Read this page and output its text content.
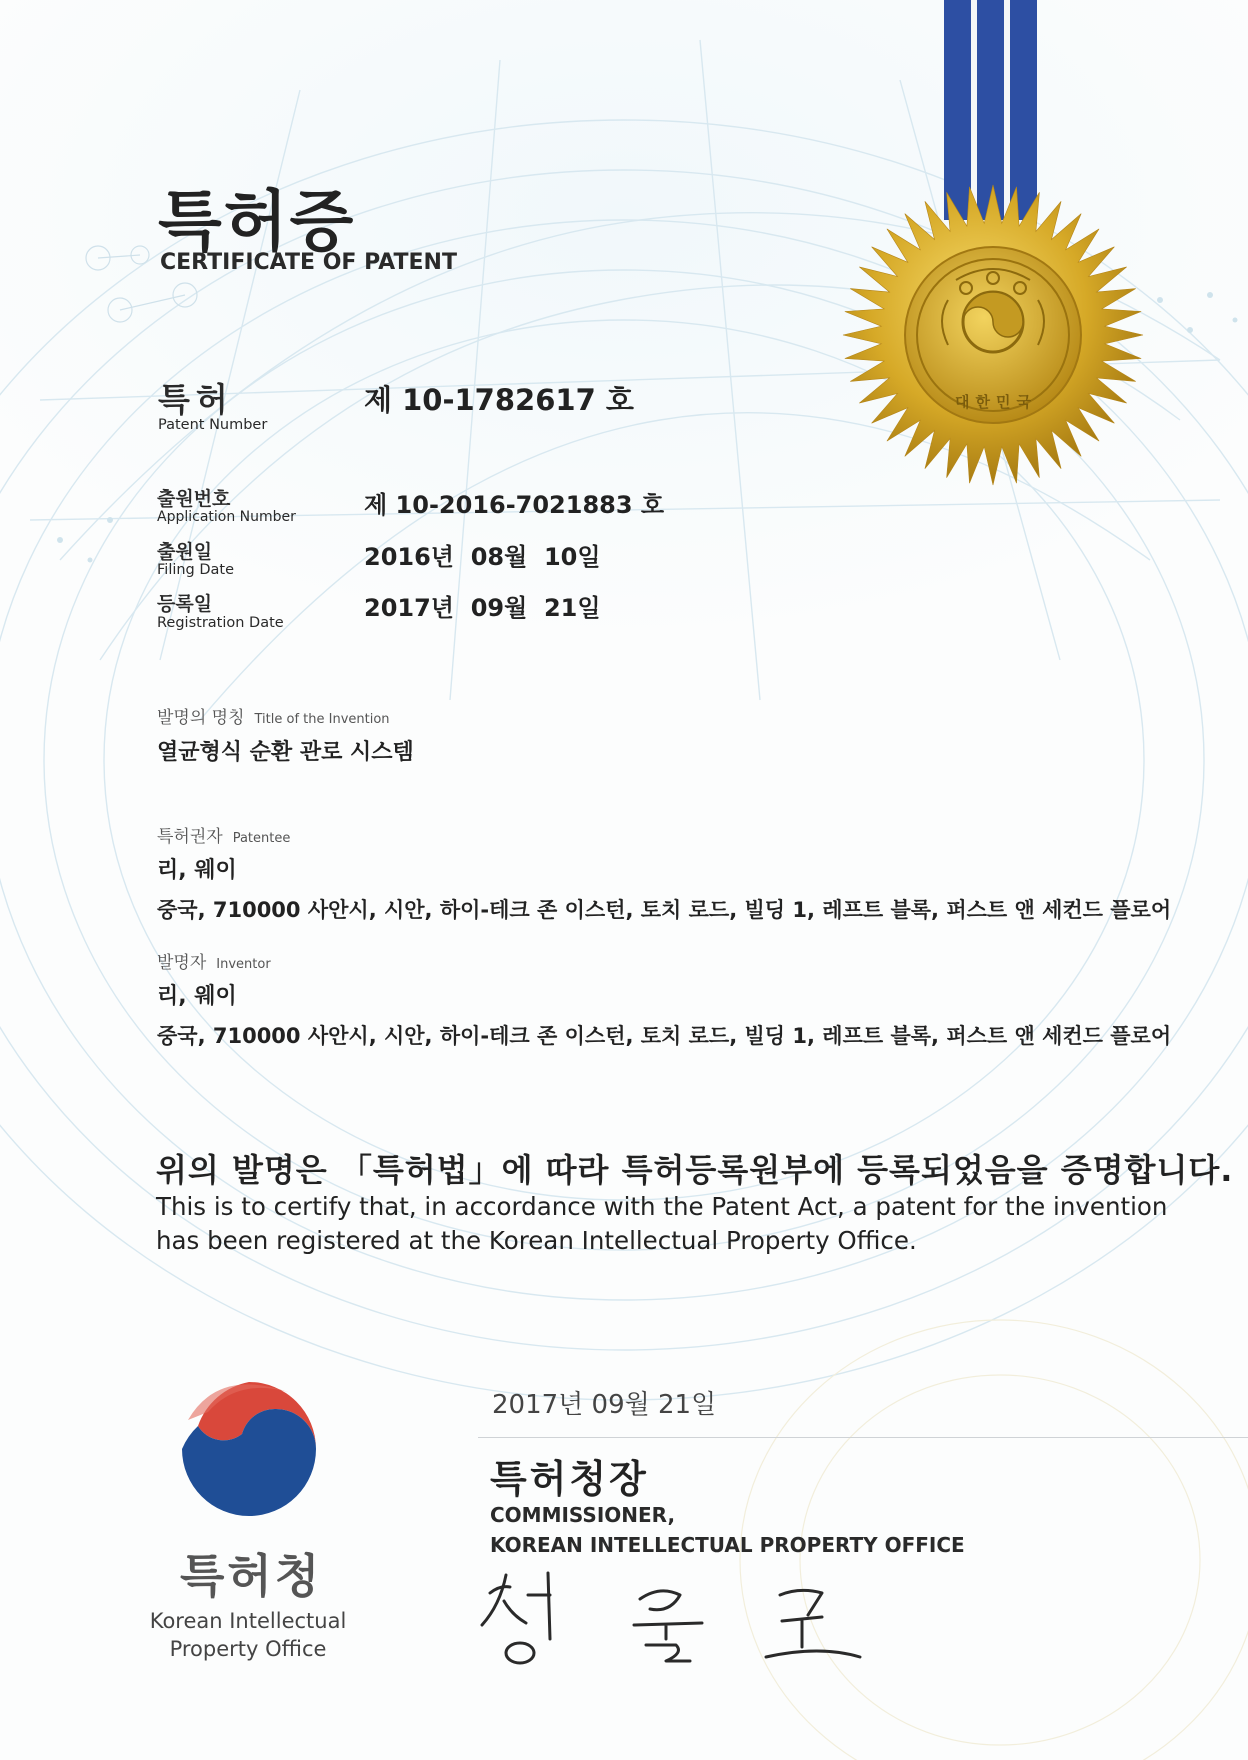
대한민국
특허증
CERTIFICATE OF PATENT
특허
Patent Number
제 10-1782617 호
출원번호
Application Number	제 10-2016-7021883 호
출원일
Filing Date	2016년  08월  10일
등록일
Registration Date
2017년  09월  21일
발명의 명칭 Title of the Invention
열균형식 순환 관로 시스템
특허권자 Patentee
리, 웨이
중국, 710000 사안시, 시안, 하이-테크 존 이스턴, 토치 로드, 빌딩 1, 레프트 블록, 퍼스트 앤 세컨드 플로어
발명자 Inventor
리, 웨이
중국, 710000 사안시, 시안, 하이-테크 존 이스턴, 토치 로드, 빌딩 1, 레프트 블록, 퍼스트 앤 세컨드 플로어
위의 발명은 「특허법」에 따라 특허등록원부에 등록되었음을 증명합니다.
This is to certify that, in accordance with the Patent Act, a patent for the invention has been registered at the Korean Intellectual Property Office.
2017년 09월 21일
특허청장
COMMISSIONER,
KOREAN INTELLECTUAL PROPERTY OFFICE
특허청
Korean Intellectual
Property Office
